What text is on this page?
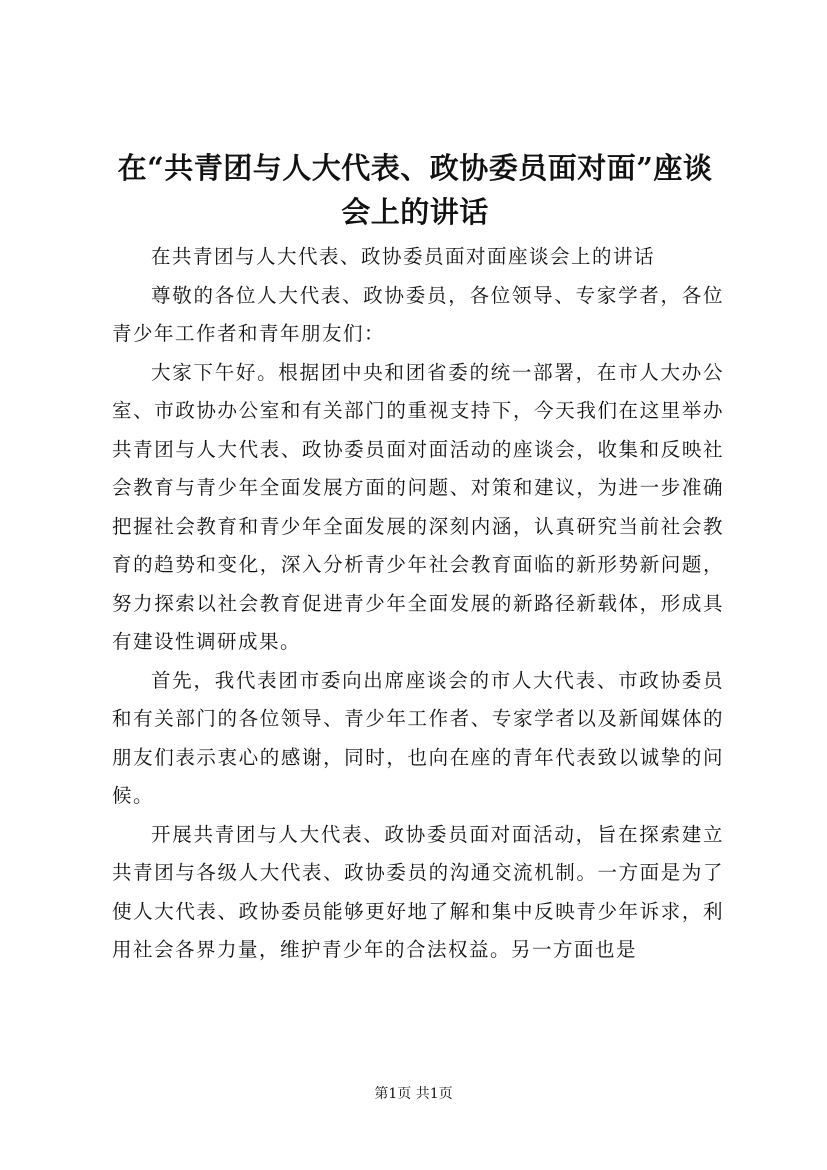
在“共青团与人大代表、政协委员面对面”座谈会上的讲话

在共青团与人大代表、政协委员面对面座谈会上的讲话

尊敬的各位人大代表、政协委员，各位领导、专家学者，各位青少年工作者和青年朋友们：

大家下午好。根据团中央和团省委的统一部署，在市人大办公室、市政协办公室和有关部门的重视支持下，今天我们在这里举办共青团与人大代表、政协委员面对面活动的座谈会，收集和反映社会教育与青少年全面发展方面的问题、对策和建议，为进一步准确把握社会教育和青少年全面发展的深刻内涵，认真研究当前社会教育的趋势和变化，深入分析青少年社会教育面临的新形势新问题，努力探索以社会教育促进青少年全面发展的新路径新载体，形成具有建设性调研成果。

首先，我代表团市委向出席座谈会的市人大代表、市政协委员和有关部门的各位领导、青少年工作者、专家学者以及新闻媒体的朋友们表示衷心的感谢，同时，也向在座的青年代表致以诚挚的问候。

开展共青团与人大代表、政协委员面对面活动，旨在探索建立共青团与各级人大代表、政协委员的沟通交流机制。一方面是为了使人大代表、政协委员能够更好地了解和集中反映青少年诉求，利用社会各界力量，维护青少年的合法权益。另一方面也是

第1页 共1页
